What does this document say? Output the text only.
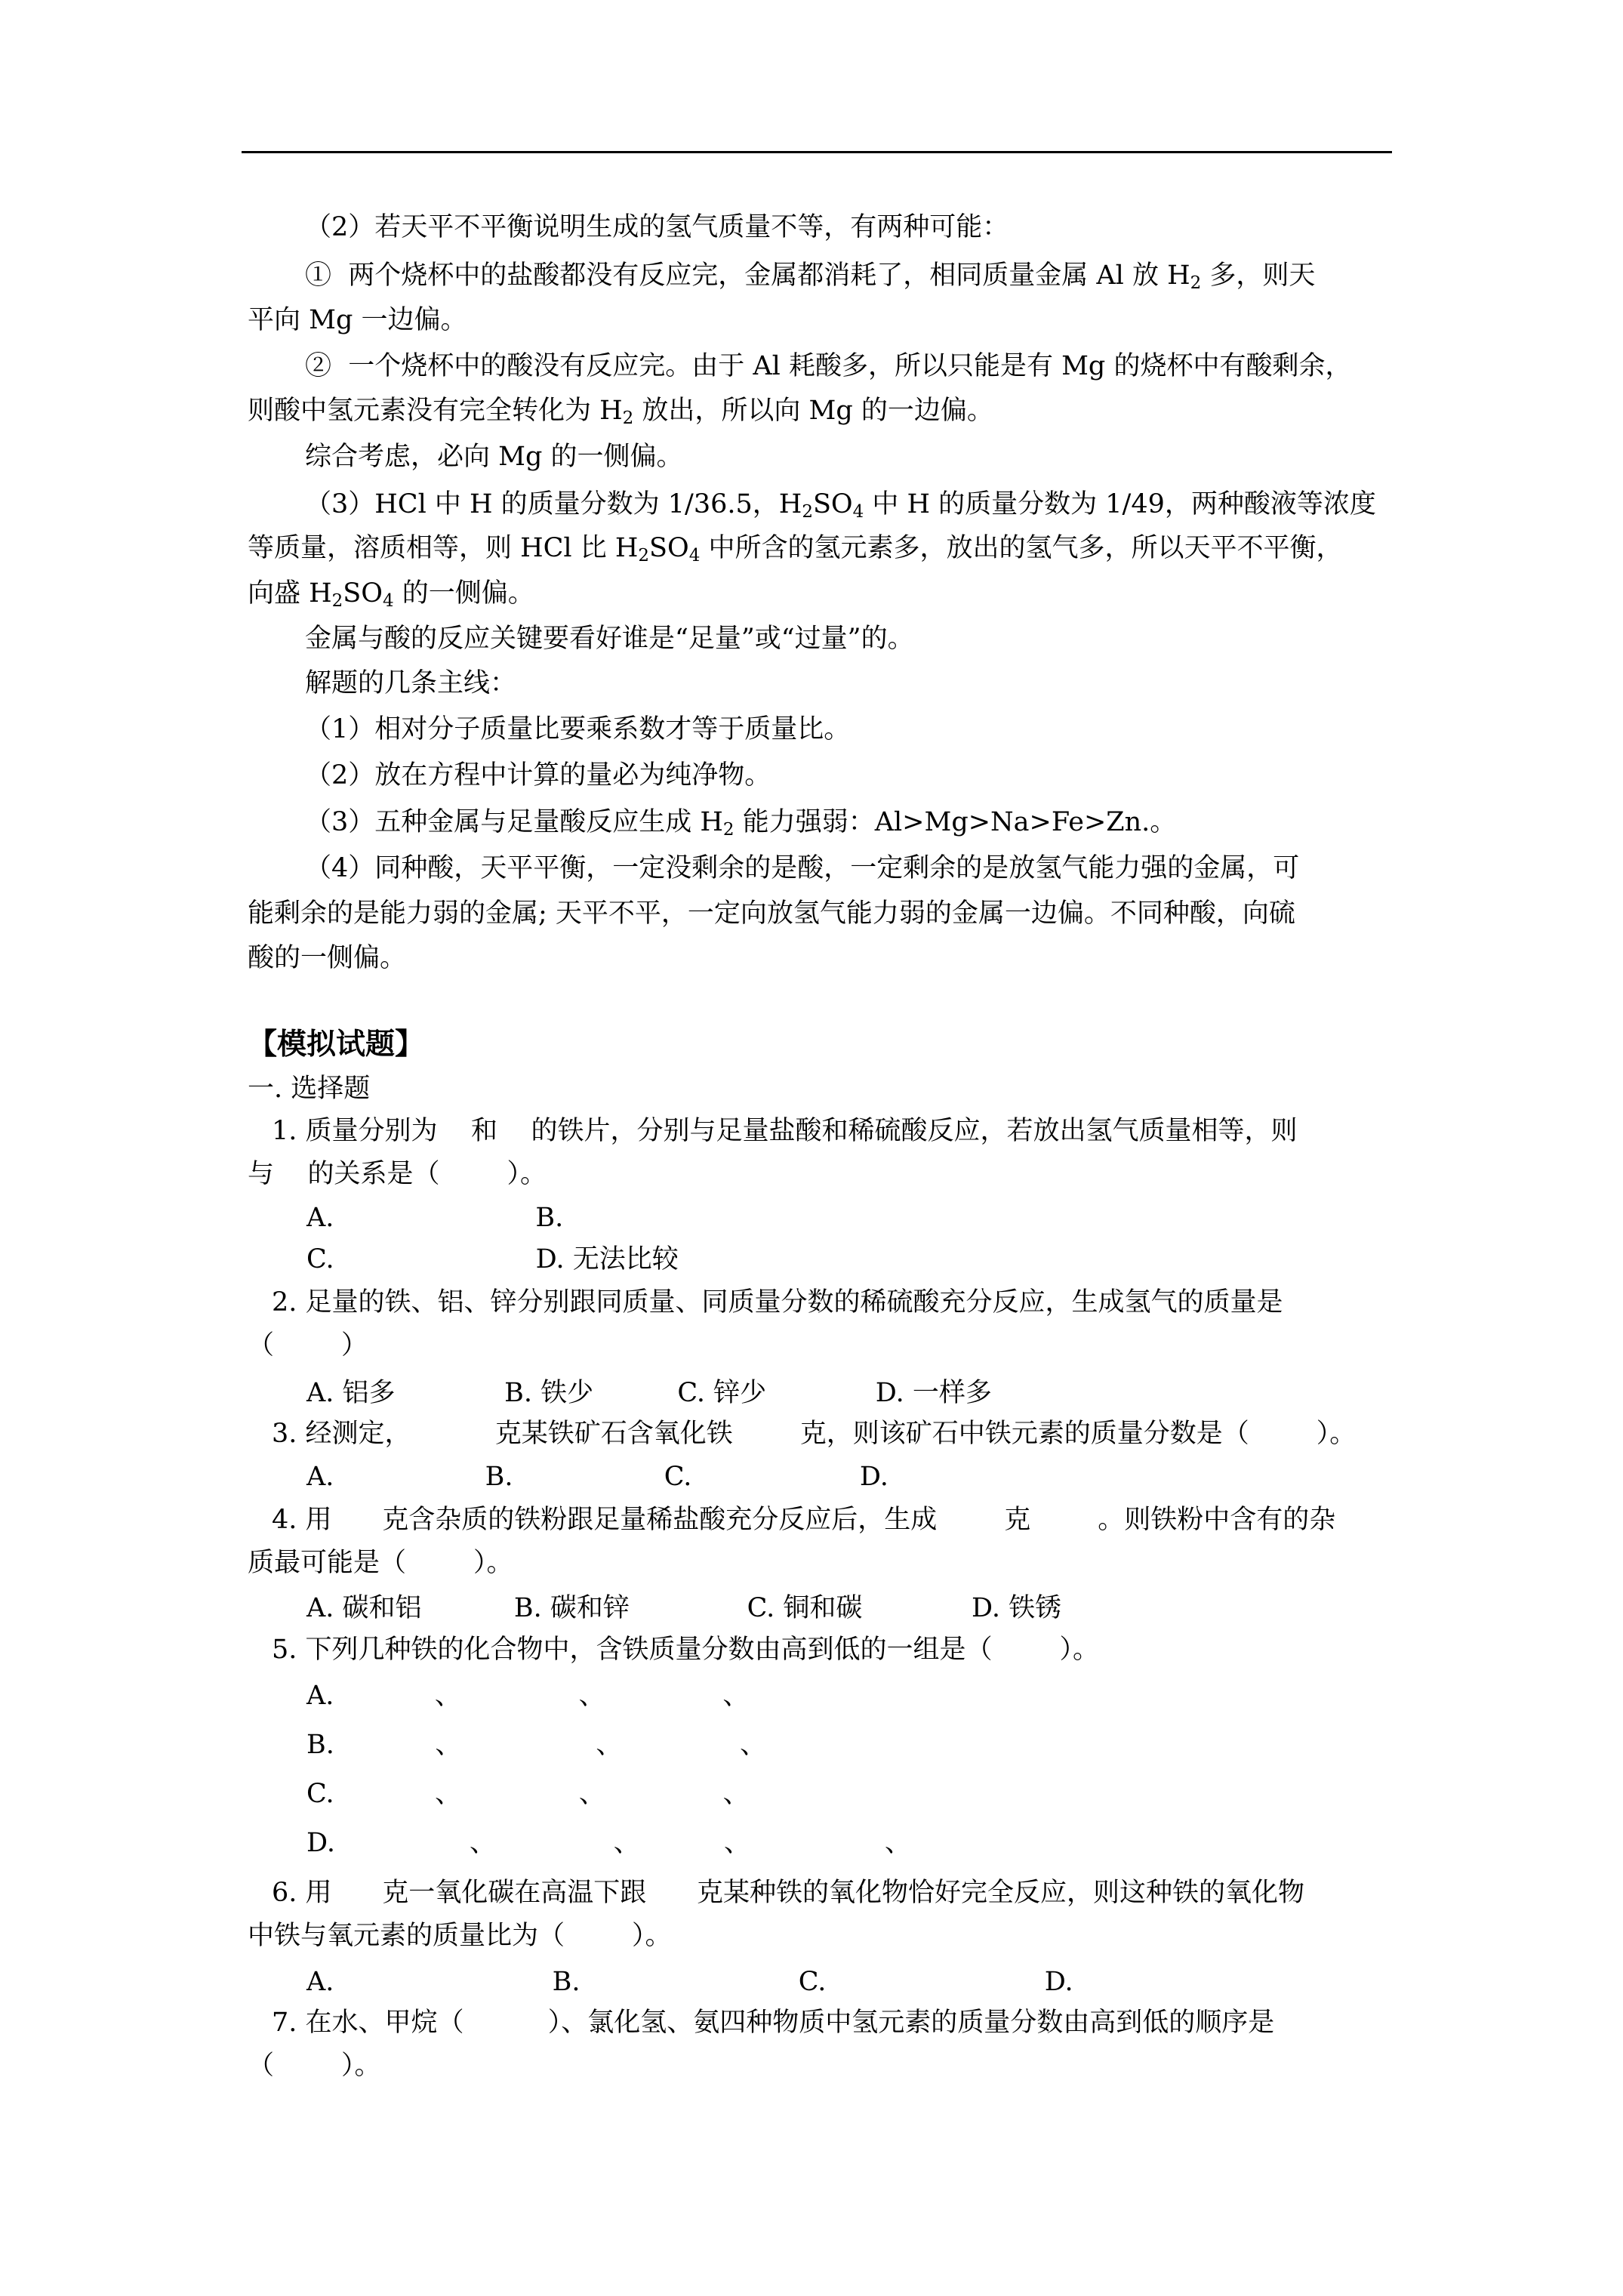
（2）若天平不平衡说明生成的氢气质量不等，有两种可能：
①  两个烧杯中的盐酸都没有反应完，金属都消耗了，相同质量金属 Al 放 $H_2$ 多，则天
平向 Mg 一边偏。
②  一个烧杯中的酸没有反应完。由于 Al 耗酸多，所以只能是有 Mg 的烧杯中有酸剩余，
则酸中氢元素没有完全转化为 $H_2$ 放出，所以向 Mg 的一边偏。
综合考虑，必向 Mg 的一侧偏。
（3）HCl 中 H 的质量分数为 1/36.5，$H_2SO_4$ 中 H 的质量分数为 1/49，两种酸液等浓度
等质量，溶质相等，则 HCl 比 $H_2SO_4$ 中所含的氢元素多，放出的氢气多，所以天平不平衡，
向盛 $H_2SO_4$ 的一侧偏。
金属与酸的反应关键要看好谁是“足量”或“过量”的。
解题的几条主线：
（1）相对分子质量比要乘系数才等于质量比。
（2）放在方程中计算的量必为纯净物。
（3）五种金属与足量酸反应生成 $H_2$ 能力强弱：Al>Mg>Na>Fe>Zn.。
（4）同种酸，天平平衡，一定没剩余的是酸，一定剩余的是放氢气能力强的金属，可
能剩余的是能力弱的金属; 天平不平，一定向放氢气能力弱的金属一边偏。不同种酸，向硫
酸的一侧偏。
【模拟试题】
一. 选择题
1. 质量分别为    和    的铁片，分别与足量盐酸和稀硫酸反应，若放出氢气质量相等，则
与    的关系是（        ）。
A.                        B.
C.                        D. 无法比较
2. 足量的铁、铝、锌分别跟同质量、同质量分数的稀硫酸充分反应，生成氢气的质量是
（        ）
A. 铝多             B. 铁少          C. 锌少             D. 一样多
3. 经测定，          克某铁矿石含氧化铁        克，则该矿石中铁元素的质量分数是（        ）。
A.                  B.                  C.                    D.
4. 用      克含杂质的铁粉跟足量稀盐酸充分反应后，生成        克        。则铁粉中含有的杂
质最可能是（        ）。
A. 碳和铝           B. 碳和锌              C. 铜和碳             D. 铁锈
5. 下列几种铁的化合物中，含铁质量分数由高到低的一组是（        ）。
A.            、              、              、
B.            、                、              、
C.            、              、              、
D.                、              、          、                、
6. 用      克一氧化碳在高温下跟      克某种铁的氧化物恰好完全反应，则这种铁的氧化物
中铁与氧元素的质量比为（        ）。
A.                          B.                          C.                          D.
7. 在水、甲烷（          ）、氯化氢、氨四种物质中氢元素的质量分数由高到低的顺序是
（        ）。
